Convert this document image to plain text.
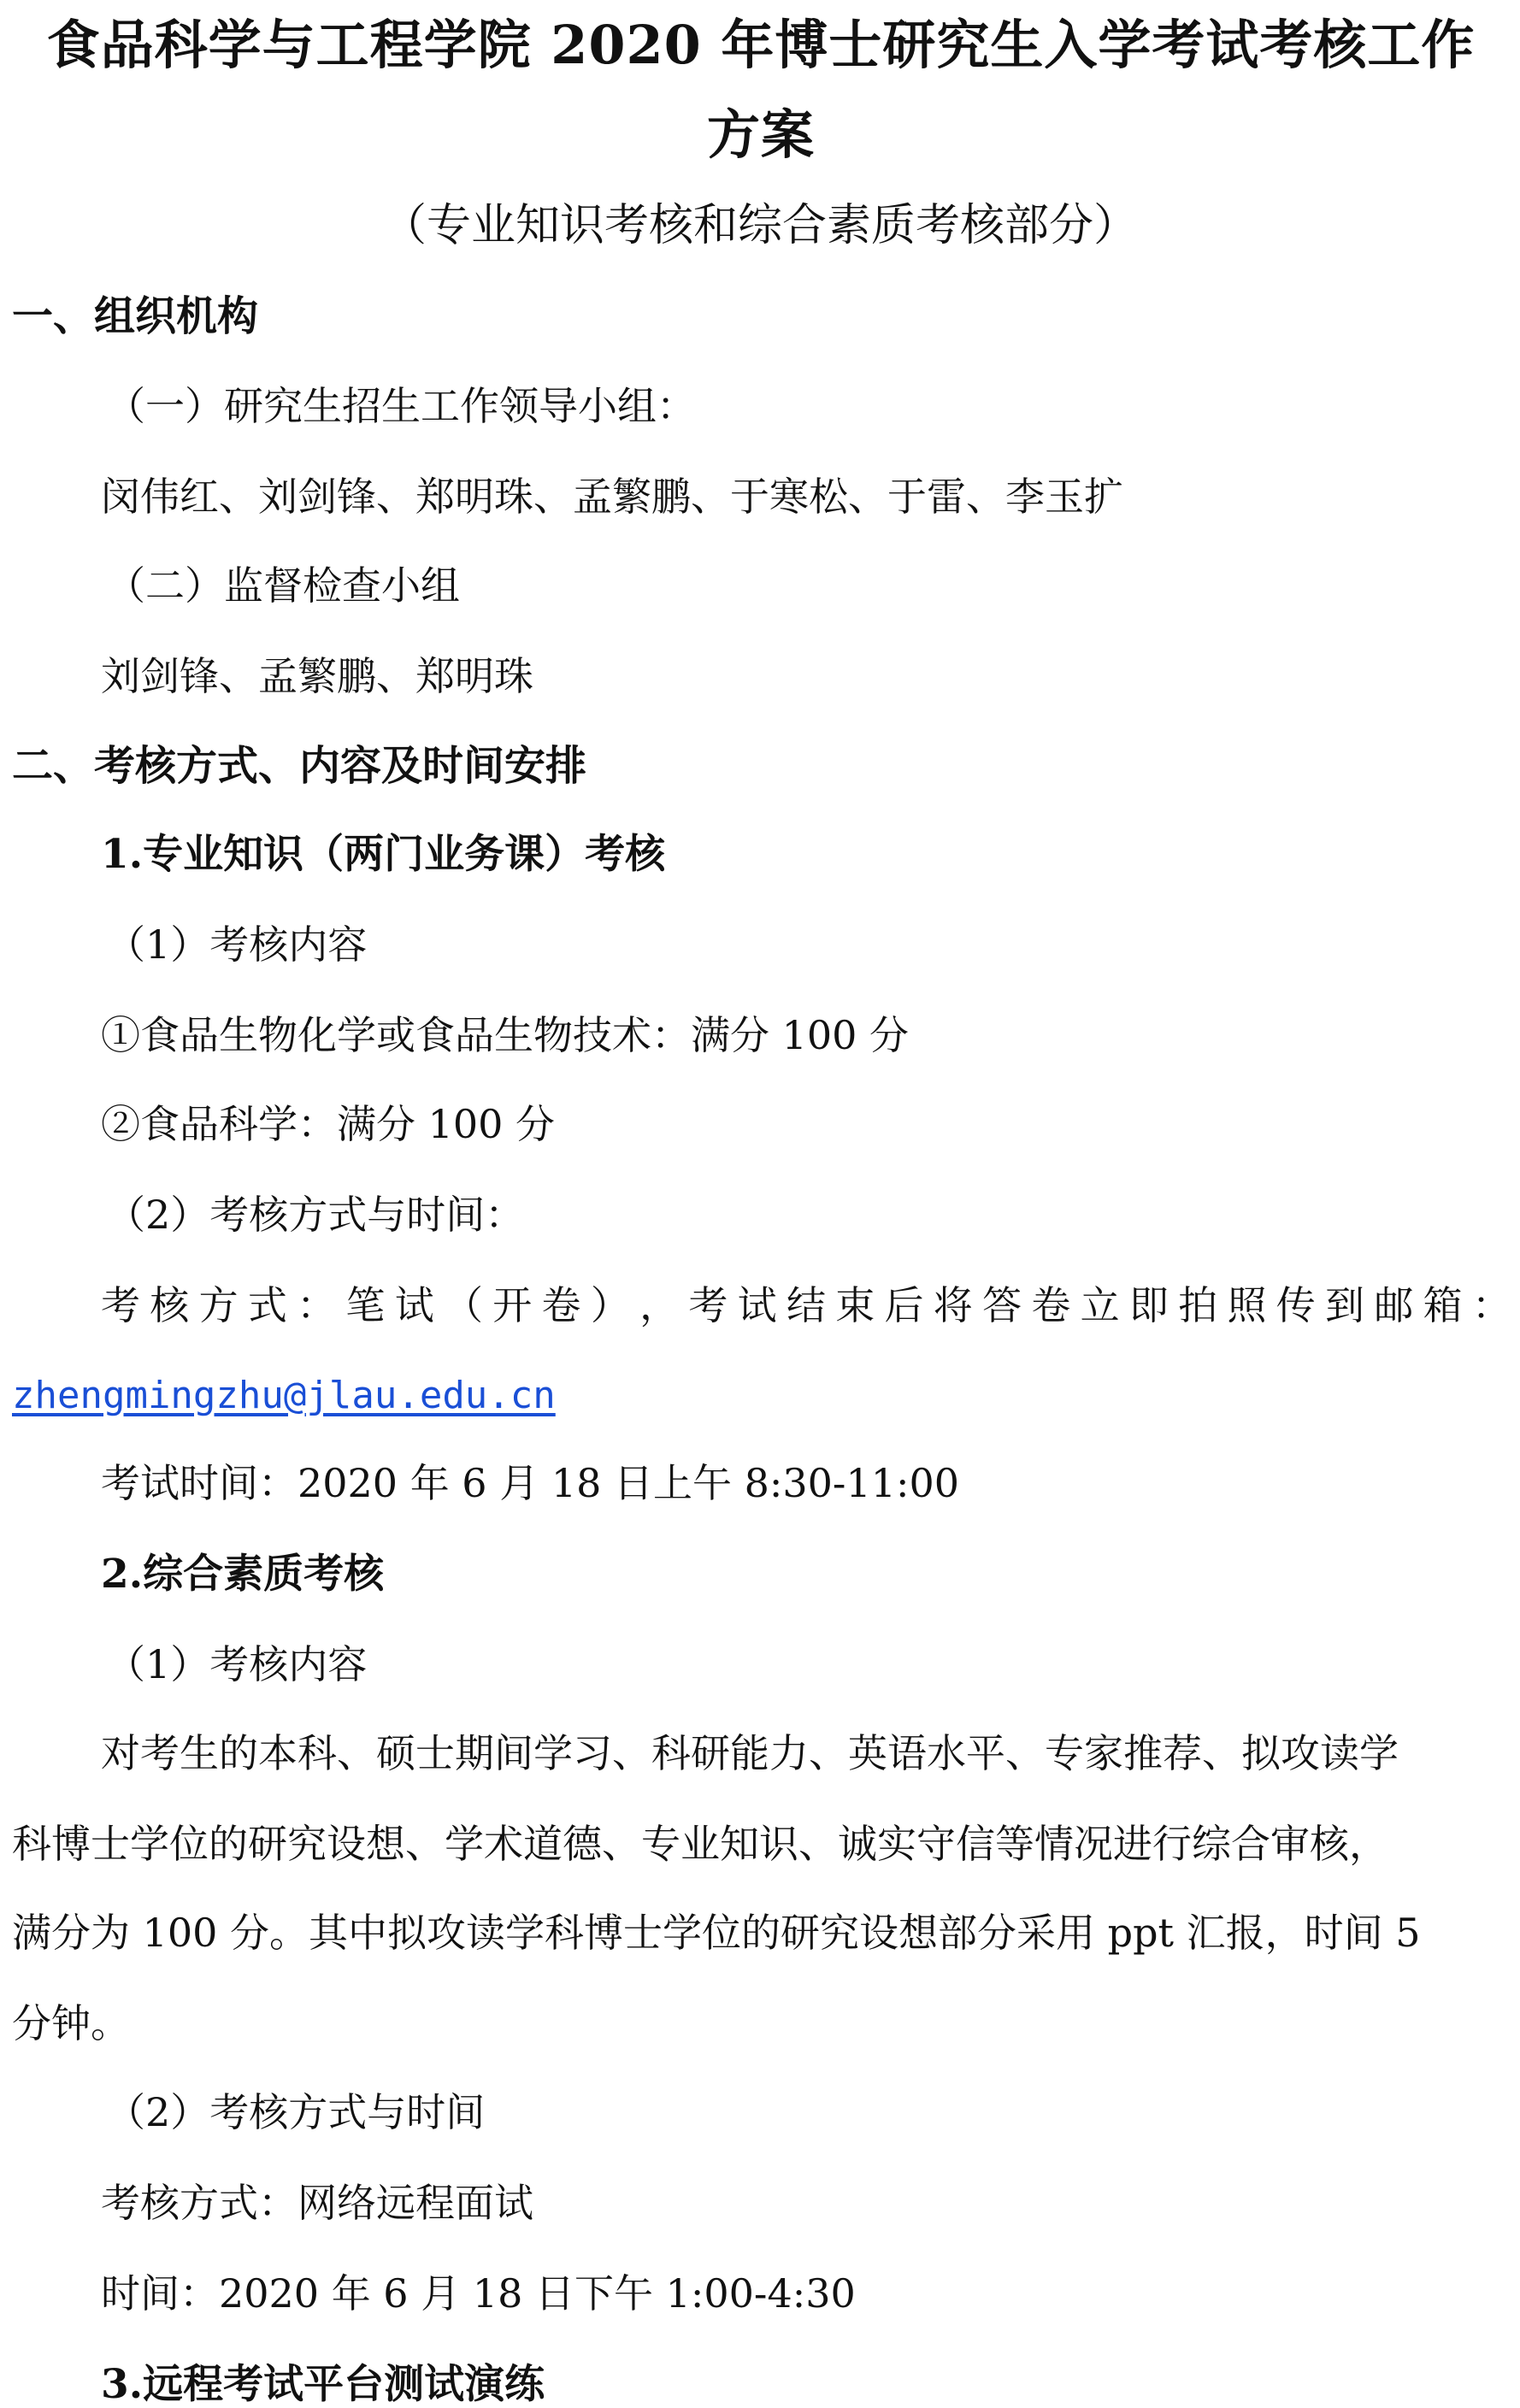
食品科学与工程学院 2020 年博士研究生入学考试考核工作
方案
（专业知识考核和综合素质考核部分）
一、组织机构
（一）研究生招生工作领导小组：
闵伟红、刘剑锋、郑明珠、孟繁鹏、于寒松、于雷、李玉扩
（二）监督检查小组
刘剑锋、孟繁鹏、郑明珠
二、考核方式、内容及时间安排
1.专业知识（两门业务课）考核
（1）考核内容
①食品生物化学或食品生物技术：满分 100 分
②食品科学：满分 100 分
（2）考核方式与时间：
考 核 方 式 ： 笔 试 （ 开 卷 ） ， 考 试 结 束 后 将 答 卷 立 即 拍 照 传 到 邮 箱 ：
zhengmingzhu@jlau.edu.cn
考试时间：2020 年 6 月 18 日上午 8:30-11:00
2.综合素质考核
（1）考核内容
对考生的本科、硕士期间学习、科研能力、英语水平、专家推荐、拟攻读学
科博士学位的研究设想、学术道德、专业知识、诚实守信等情况进行综合审核，
满分为 100 分。其中拟攻读学科博士学位的研究设想部分采用 ppt 汇报，时间 5
分钟。
（2）考核方式与时间
考核方式：网络远程面试
时间：2020 年 6 月 18 日下午 1:00-4:30
3.远程考试平台测试演练
